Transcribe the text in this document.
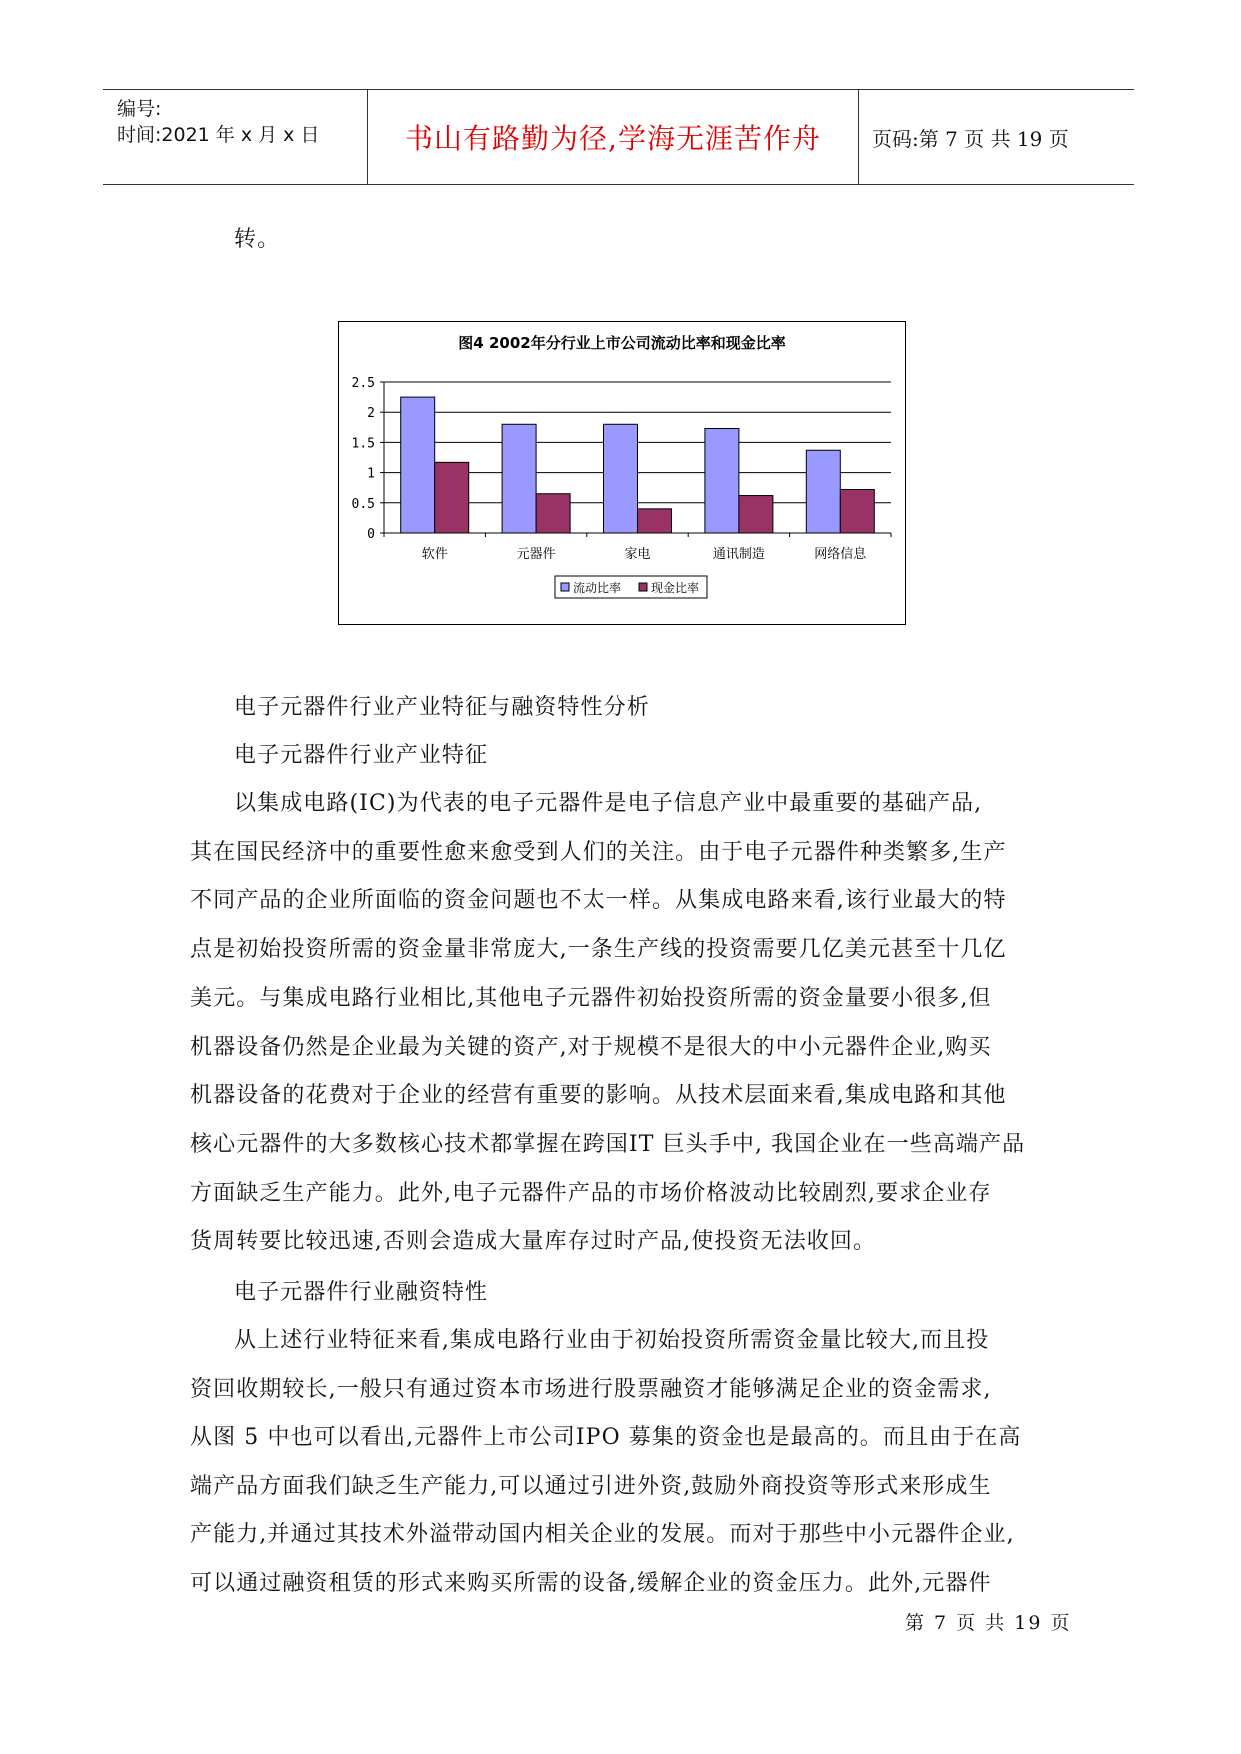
编号:
时间:2021 年 x 月 x 日	书山有路勤为径,学海无涯苦作舟	页码:第 7 页 共 19 页
转。
图4 2002年分行业上市公司流动比率和现金比率
0
0.5
1
1.5
2
2.5
软件	元器件	家电	通讯制造	网络信息
流动比率 现金比率
电子元器件行业产业特征与融资特性分析
电子元器件行业产业特征
以集成电路(IC)为代表的电子元器件是电子信息产业中最重要的基础产品,
其在国民经济中的重要性愈来愈受到人们的关注。由于电子元器件种类繁多,生产
不同产品的企业所面临的资金问题也不太一样。从集成电路来看,该行业最大的特
点是初始投资所需的资金量非常庞大,一条生产线的投资需要几亿美元甚至十几亿
美元。与集成电路行业相比,其他电子元器件初始投资所需的资金量要小很多,但
机器设备仍然是企业最为关键的资产,对于规模不是很大的中小元器件企业,购买
机器设备的花费对于企业的经营有重要的影响。从技术层面来看,集成电路和其他
核心元器件的大多数核心技术都掌握在跨国IT 巨头手中, 我国企业在一些高端产品
方面缺乏生产能力。此外,电子元器件产品的市场价格波动比较剧烈,要求企业存
货周转要比较迅速,否则会造成大量库存过时产品,使投资无法收回。
电子元器件行业融资特性
从上述行业特征来看,集成电路行业由于初始投资所需资金量比较大,而且投
资回收期较长,一般只有通过资本市场进行股票融资才能够满足企业的资金需求,
从图 5 中也可以看出,元器件上市公司IPO 募集的资金也是最高的。而且由于在高
端产品方面我们缺乏生产能力,可以通过引进外资,鼓励外商投资等形式来形成生
产能力,并通过其技术外溢带动国内相关企业的发展。而对于那些中小元器件企业,
可以通过融资租赁的形式来购买所需的设备,缓解企业的资金压力。此外,元器件
第 7 页 共 19 页
